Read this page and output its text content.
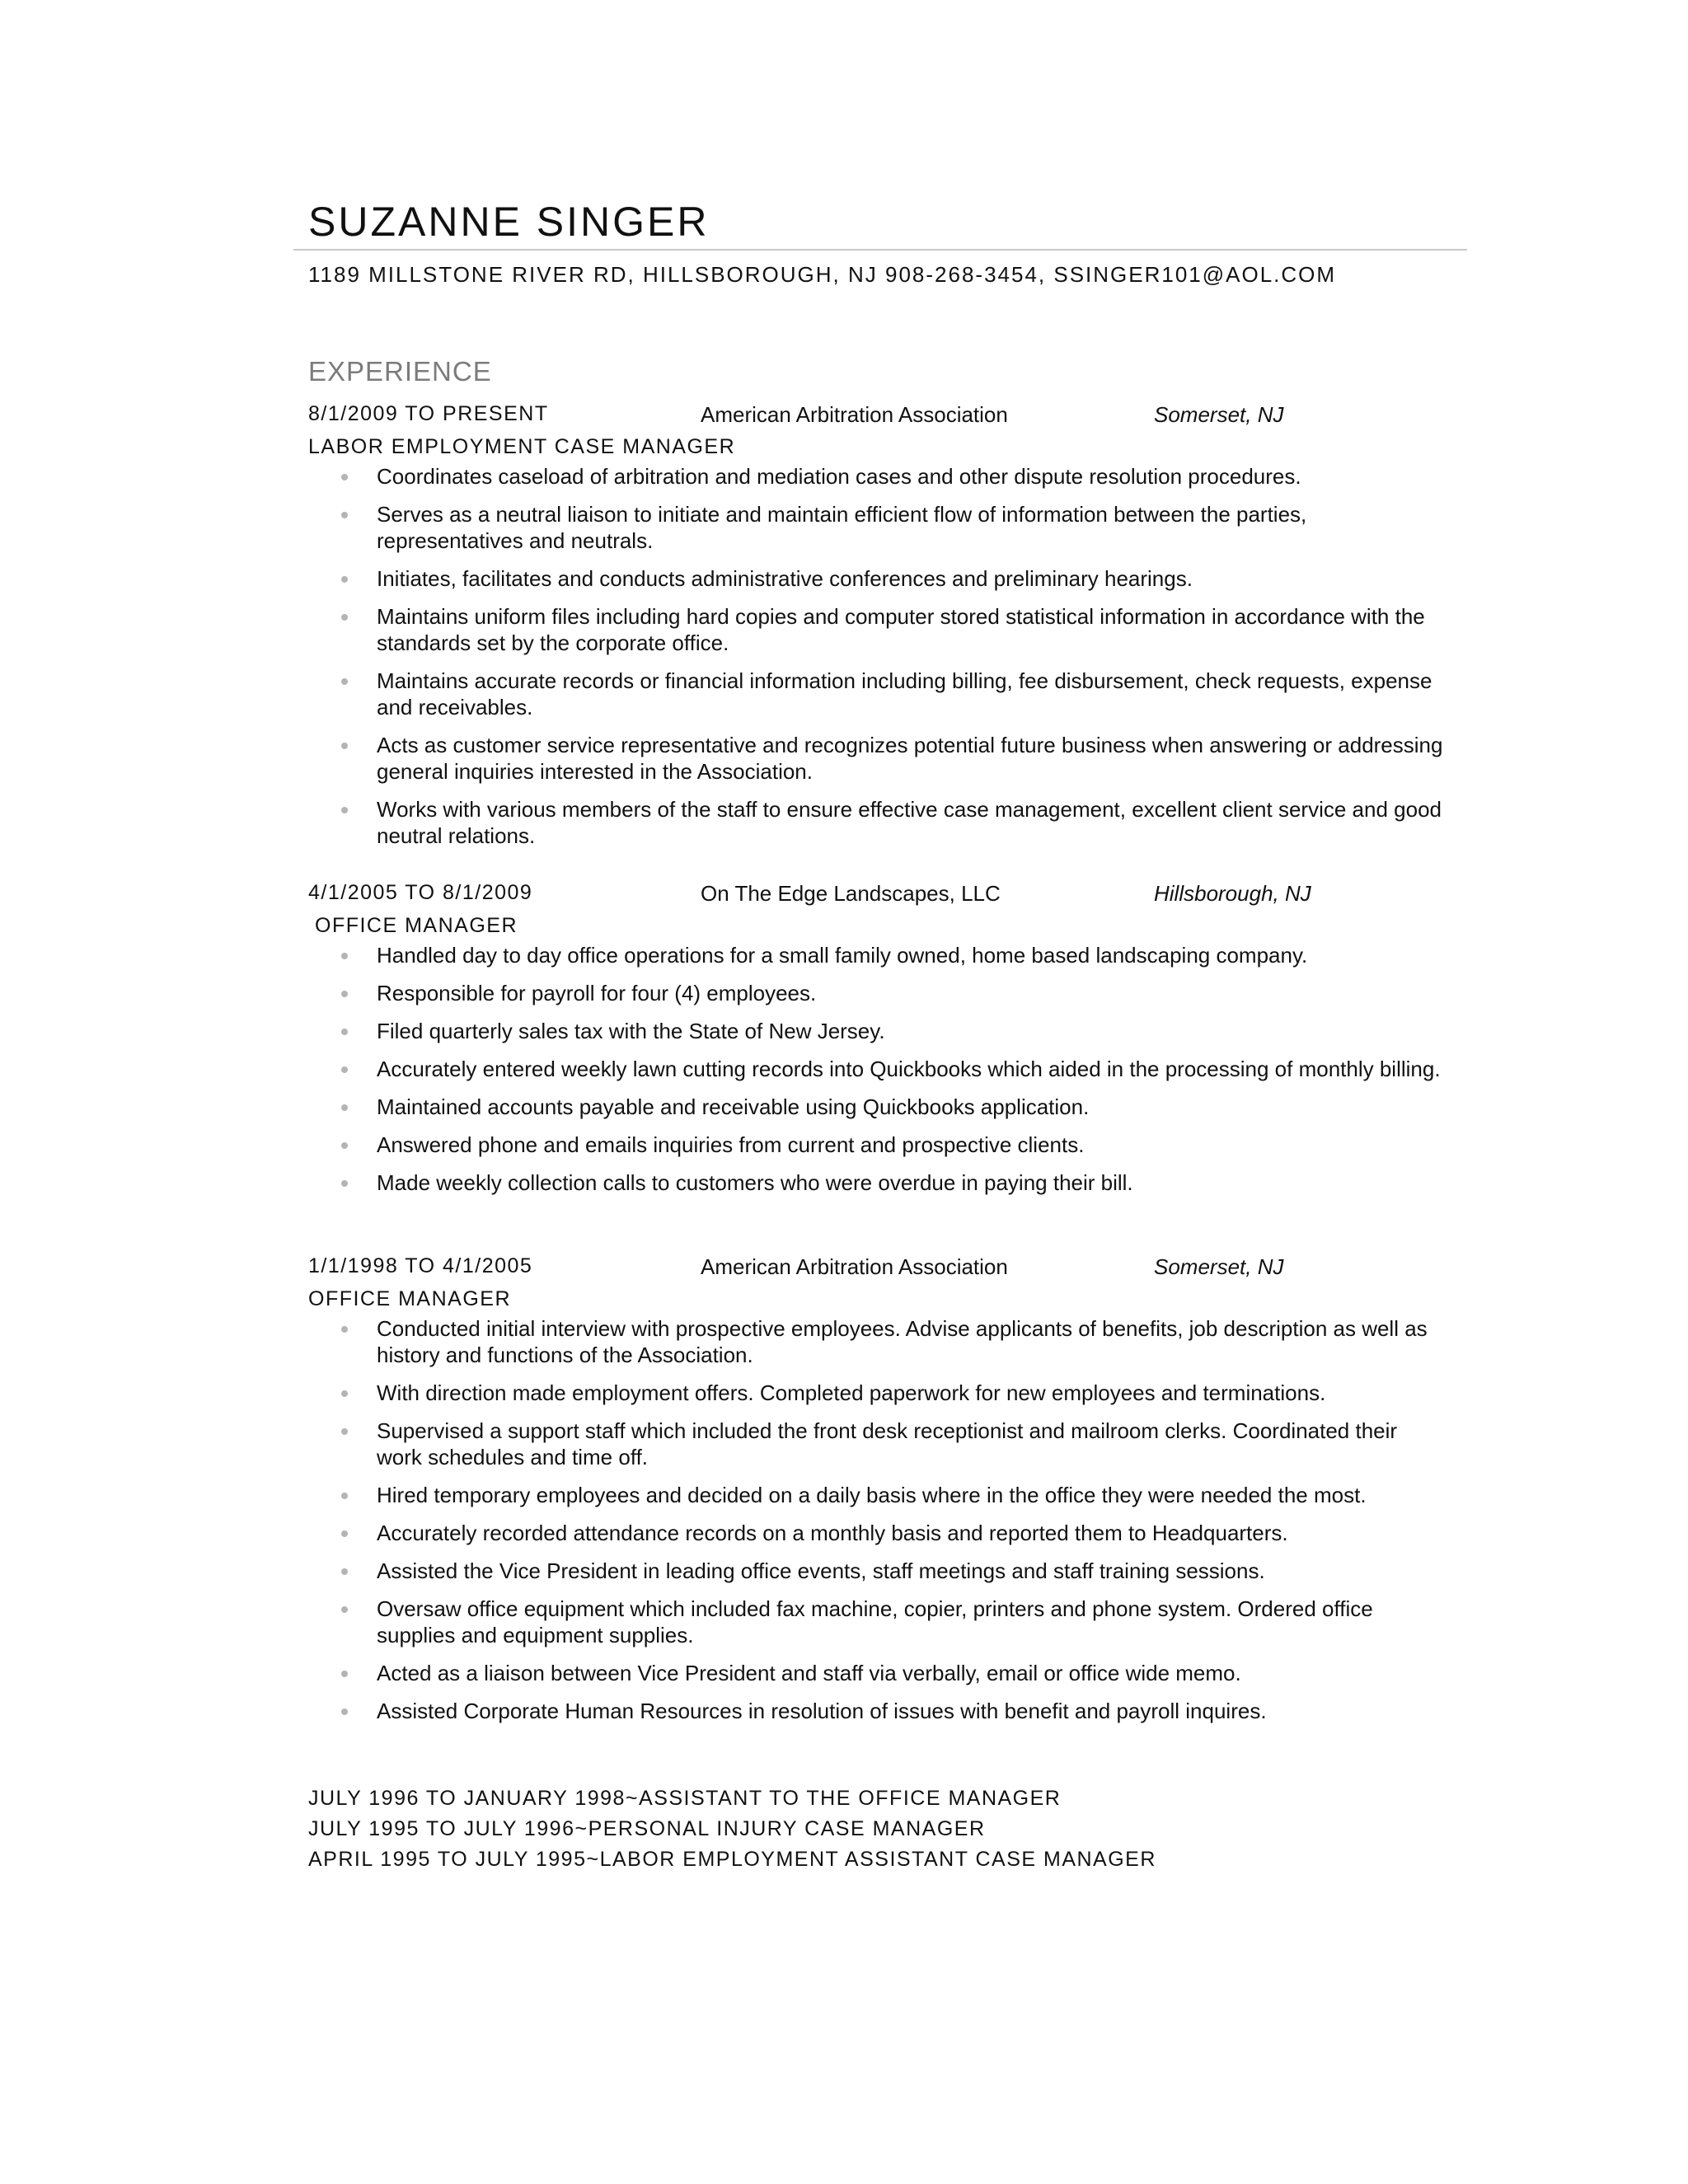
SUZANNE SINGER
1189 MILLSTONE RIVER RD, HILLSBOROUGH, NJ 908-268-3454, SSINGER101@AOL.COM
EXPERIENCE
8/1/2009 TO PRESENT	American Arbitration Association	Somerset, NJ
LABOR EMPLOYMENT CASE MANAGER
Coordinates caseload of arbitration and mediation cases and other dispute resolution procedures.
Serves as a neutral liaison to initiate and maintain efficient flow of information between the parties, representatives and neutrals.
Initiates, facilitates and conducts administrative conferences and preliminary hearings.
Maintains uniform files including hard copies and computer stored statistical information in accordance with the standards set by the corporate office.
Maintains accurate records or financial information including billing, fee disbursement, check requests, expense and receivables.
Acts as customer service representative and recognizes potential future business when answering or addressing general inquiries interested in the Association.
Works with various members of the staff to ensure effective case management, excellent client service and good neutral relations.
4/1/2005 TO 8/1/2009	On The Edge Landscapes, LLC	Hillsborough, NJ
OFFICE MANAGER
Handled day to day office operations for a small family owned, home based landscaping company.
Responsible for payroll for four (4) employees.
Filed quarterly sales tax with the State of New Jersey.
Accurately entered weekly lawn cutting records into Quickbooks which aided in the processing of monthly billing.
Maintained accounts payable and receivable using Quickbooks application.
Answered phone and emails inquiries from current and prospective clients.
Made weekly collection calls to customers who were overdue in paying their bill.
1/1/1998 TO 4/1/2005	American Arbitration Association	Somerset, NJ
OFFICE MANAGER
Conducted initial interview with prospective employees. Advise applicants of benefits, job description as well as history and functions of the Association.
With direction made employment offers. Completed paperwork for new employees and terminations.
Supervised a support staff which included the front desk receptionist and mailroom clerks. Coordinated their work schedules and time off.
Hired temporary employees and decided on a daily basis where in the office they were needed the most.
Accurately recorded attendance records on a monthly basis and reported them to Headquarters.
Assisted the Vice President in leading office events, staff meetings and staff training sessions.
Oversaw office equipment which included fax machine, copier, printers and phone system. Ordered office supplies and equipment supplies.
Acted as a liaison between Vice President and staff via verbally, email or office wide memo.
Assisted Corporate Human Resources in resolution of issues with benefit and payroll inquires.
JULY 1996 TO JANUARY 1998~ASSISTANT TO THE OFFICE MANAGER
JULY 1995 TO JULY 1996~PERSONAL INJURY CASE MANAGER
APRIL 1995 TO JULY 1995~LABOR EMPLOYMENT ASSISTANT CASE MANAGER
